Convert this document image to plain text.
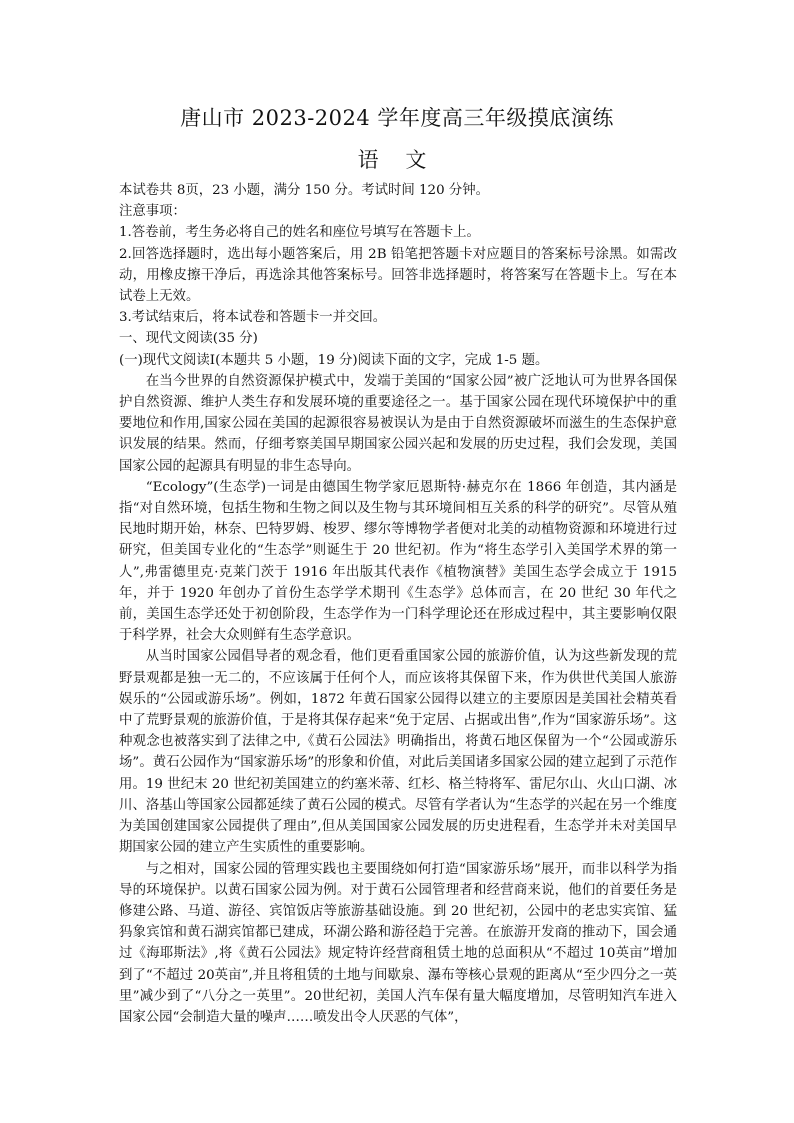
唐山市 2023-2024 学年度高三年级摸底演练
语 文

本试卷共 8页，23 小题，满分 150 分。考试时间 120 分钟。

注意事项：

1.答卷前，考生务必将自己的姓名和座位号填写在答题卡上。

2.回答选择题时，选出每小题答案后，用 2B 铅笔把答题卡对应题目的答案标号涂黑。如需改动，用橡皮擦干净后，再选涂其他答案标号。回答非选择题时，将答案写在答题卡上。写在本试卷上无效。

3.考试结束后，将本试卷和答题卡一并交回。

一、现代文阅读(35 分)

(一)现代文阅读Ⅰ(本题共 5 小题，19 分)阅读下面的文字，完成 1-5 题。

在当今世界的自然资源保护模式中，发端于美国的“国家公园”被广泛地认可为世界各国保护自然资源、维护人类生存和发展环境的重要途径之一。基于国家公园在现代环境保护中的重要地位和作用,国家公园在美国的起源很容易被误认为是由于自然资源破坏而滋生的生态保护意识发展的结果。然而，仔细考察美国早期国家公园兴起和发展的历史过程，我们会发现，美国国家公园的起源具有明显的非生态导向。

“Ecology”(生态学)一词是由德国生物学家厄恩斯特·赫克尔在 1866 年创造，其内涵是指“对自然环境，包括生物和生物之间以及生物与其环境间相互关系的科学的研究”。尽管从殖民地时期开始，林奈、巴特罗姆、梭罗、缪尔等博物学者便对北美的动植物资源和环境进行过研究，但美国专业化的“生态学”则诞生于 20 世纪初。作为“将生态学引入美国学术界的第一人”,弗雷德里克·克莱门茨于 1916 年出版其代表作《植物演替》美国生态学会成立于 1915 年，并于 1920 年创办了首份生态学学术期刊《生态学》总体而言，在 20 世纪 30 年代之前，美国生态学还处于初创阶段，生态学作为一门科学理论还在形成过程中，其主要影响仅限于科学界，社会大众则鲜有生态学意识。

从当时国家公园倡导者的观念看，他们更看重国家公园的旅游价值，认为这些新发现的荒野景观都是独一无二的，不应该属于任何个人，而应该将其保留下来，作为供世代美国人旅游娱乐的“公园或游乐场”。例如，1872 年黄石国家公园得以建立的主要原因是美国社会精英看中了荒野景观的旅游价值，于是将其保存起来“免于定居、占据或出售”,作为“国家游乐场”。这种观念也被落实到了法律之中,《黄石公园法》明确指出，将黄石地区保留为一个“公园或游乐场”。黄石公园作为“国家游乐场”的形象和价值，对此后美国诸多国家公园的建立起到了示范作用。19 世纪末 20 世纪初美国建立的约塞米蒂、红杉、格兰特将军、雷尼尔山、火山口湖、冰川、洛基山等国家公园都延续了黄石公园的模式。尽管有学者认为“生态学的兴起在另一个维度为美国创建国家公园提供了理由”,但从美国国家公园发展的历史进程看，生态学并未对美国早期国家公园的建立产生实质性的重要影响。

与之相对，国家公园的管理实践也主要围绕如何打造“国家游乐场”展开，而非以科学为指导的环境保护。以黄石国家公园为例。对于黄石公园管理者和经营商来说，他们的首要任务是修建公路、马道、游径、宾馆饭店等旅游基础设施。到 20 世纪初，公园中的老忠实宾馆、猛犸象宾馆和黄石湖宾馆都已建成，环湖公路和游径趋于完善。在旅游开发商的推动下，国会通过《海耶斯法》,将《黄石公园法》规定特许经营商租赁土地的总面积从“不超过 10英亩”增加到了“不超过 20英亩”,并且将租赁的土地与间歇泉、瀑布等核心景观的距离从“至少四分之一英里”减少到了“八分之一英里”。20世纪初，美国人汽车保有量大幅度增加，尽管明知汽车进入国家公园“会制造大量的噪声……喷发出令人厌恶的气体”，
